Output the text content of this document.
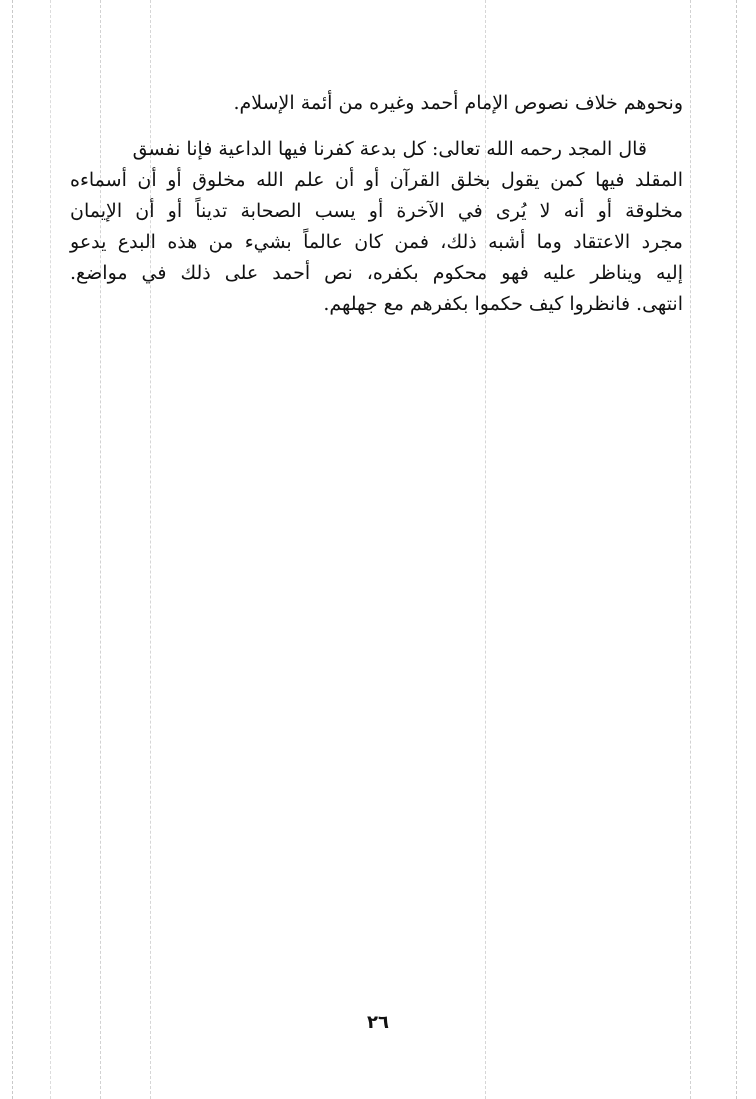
ونحوهم خلاف نصوص الإمام أحمد وغيره من أئمة الإسلام.
قال المجد رحمه الله تعالى: كل بدعة كفرنا فيها الداعية فإنا نفسق
المقلد فيها كمن يقول بخلق القرآن أو أن علم الله مخلوق أو أن أسماءه
مخلوقة أو أنه لا يُرى في الآخرة أو يسب الصحابة تديناً أو أن الإيمان
مجرد الاعتقاد وما أشبه ذلك، فمن كان عالماً بشيء من هذه البدع يدعو
إليه ويناظر عليه فهو محكوم بكفره، نص أحمد على ذلك في مواضع.
انتهى. فانظروا كيف حكموا بكفرهم مع جهلهم.
٢٦
